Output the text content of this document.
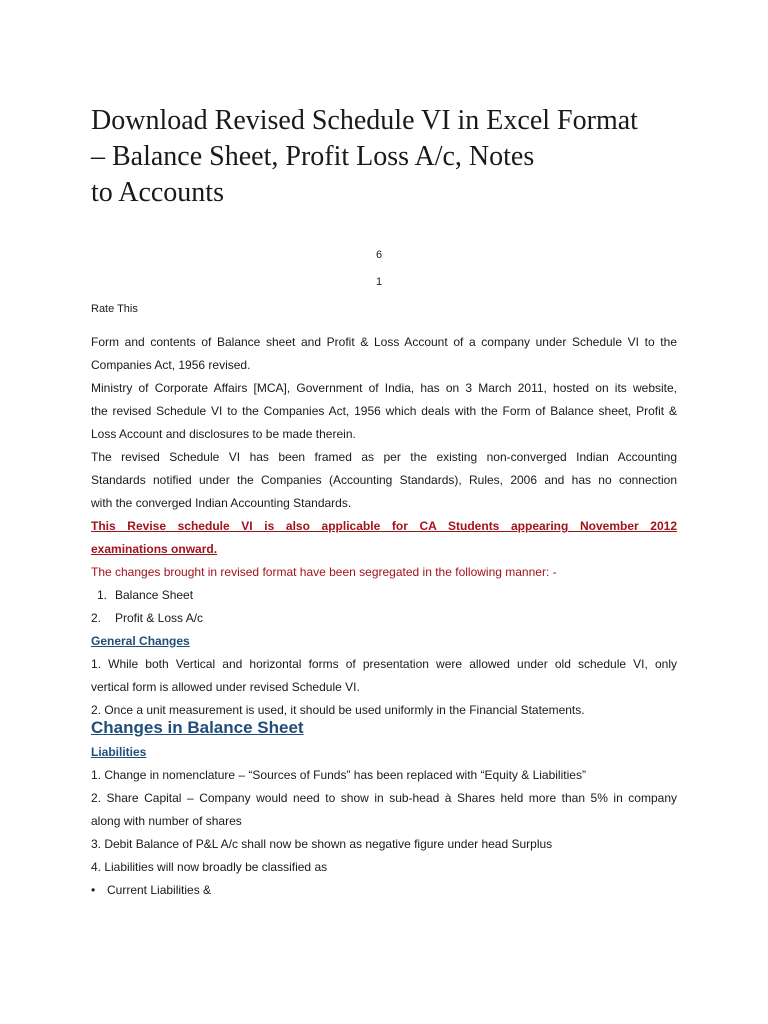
Download Revised Schedule VI in Excel Format
– Balance Sheet, Profit Loss A/c, Notes
to Accounts
6
1

Rate This

Form and contents of Balance sheet and Profit & Loss Account of a company under Schedule VI to the
Companies Act, 1956 revised.

Ministry of Corporate Affairs [MCA], Government of India, has on 3 March 2011, hosted on its website,
the revised Schedule VI to the Companies Act, 1956 which deals with the Form of Balance sheet, Profit &
Loss Account and disclosures to be made therein.

The revised Schedule VI has been framed as per the existing non-converged Indian Accounting
Standards notified under the Companies (Accounting Standards), Rules, 2006 and has no connection
with the converged Indian Accounting Standards.

This Revise schedule VI is also applicable for CA Students appearing November 2012
examinations onward.

The changes brought in revised format have been segregated in the following manner: -

1. Balance Sheet
2. Profit & Loss A/c

General Changes

1. While both Vertical and horizontal forms of presentation were allowed under old schedule VI, only
vertical form is allowed under revised Schedule VI.

2. Once a unit measurement is used, it should be used uniformly in the Financial Statements.

Changes in Balance Sheet

Liabilities

1. Change in nomenclature – “Sources of Funds” has been replaced with “Equity & Liabilities”

2. Share Capital – Company would need to show in sub-head à Shares held more than 5% in company
along with number of shares

3. Debit Balance of P&L A/c shall now be shown as negative figure under head Surplus

4. Liabilities will now broadly be classified as

• Current Liabilities &
